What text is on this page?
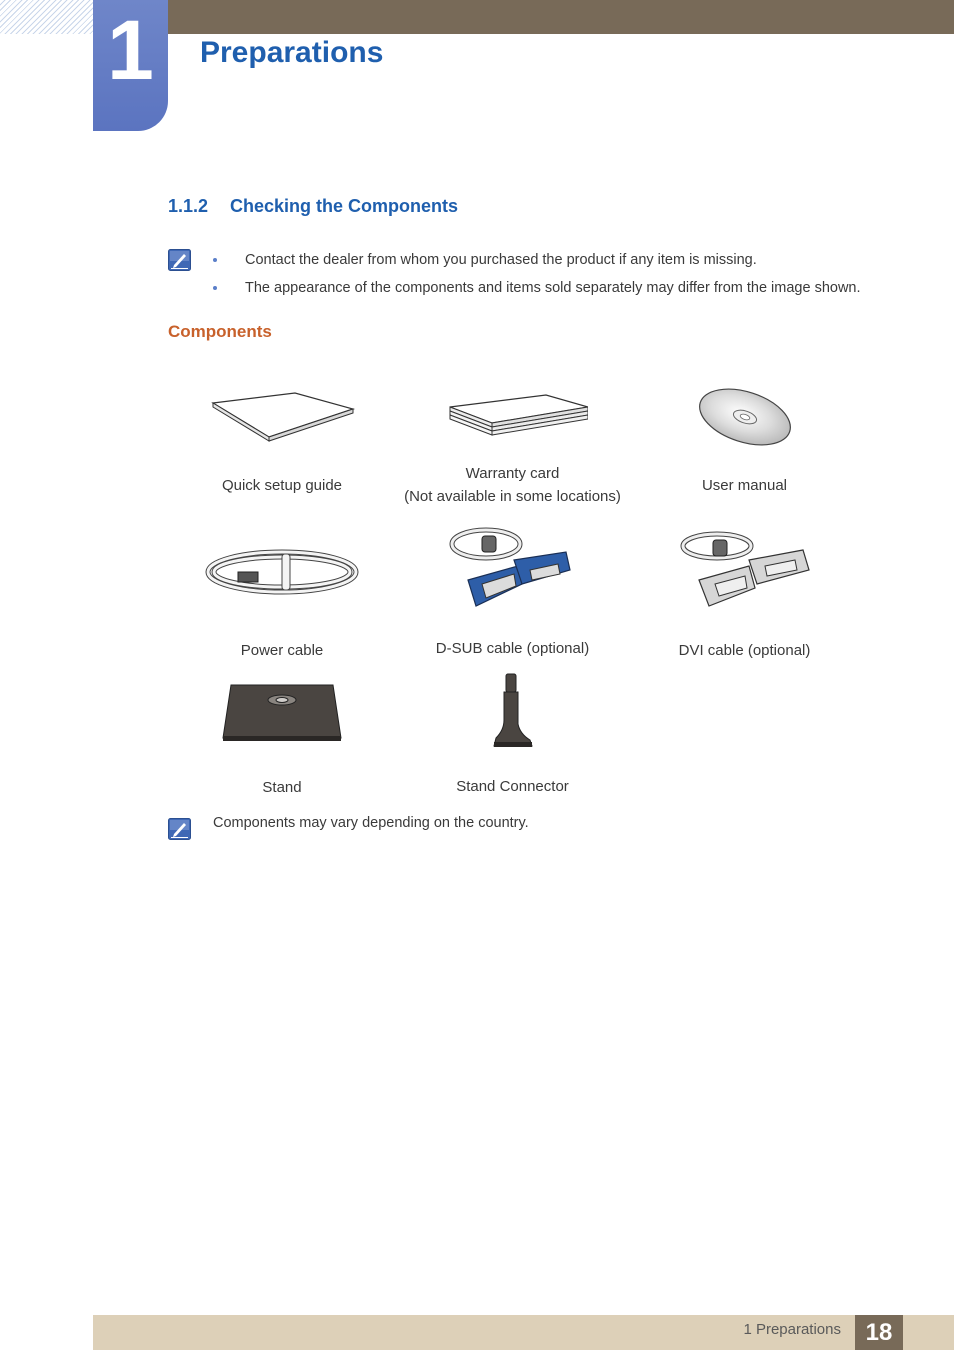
1	Preparations
1.1.2 Checking the Components
Contact the dealer from whom you purchased the product if any item is missing.
The appearance of the components and items sold separately may differ from the image shown.
Components
Quick setup guide
Warranty card
(Not available in some locations)
User manual
Power cable	D-SUB cable (optional)	DVI cable (optional)
Stand	Stand Connector
Components may vary depending on the country.
1 Preparations	18
